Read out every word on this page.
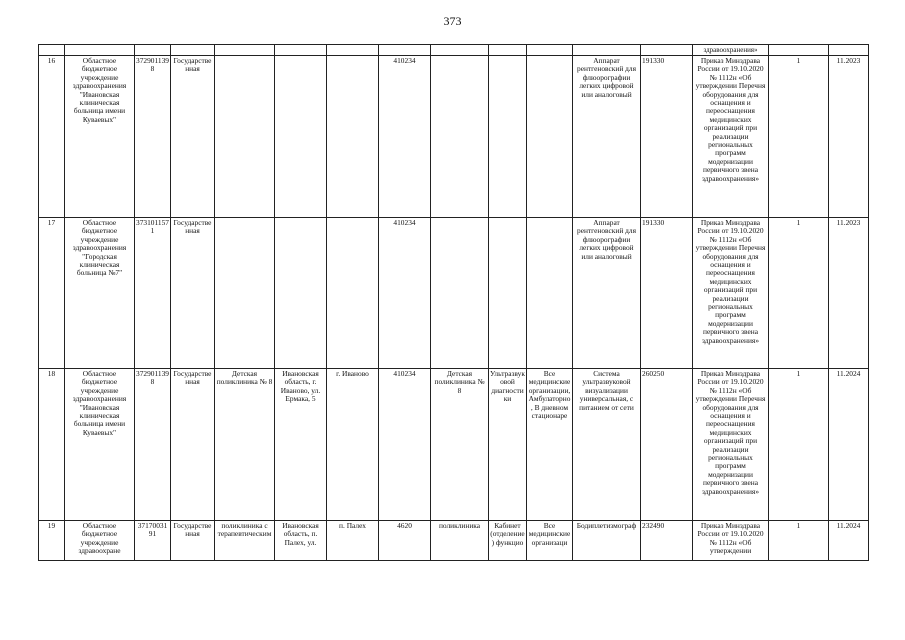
373
													здравоохранения»		
16	Областное бюджетное учреждение здравоохранения "Ивановская клиническая больница имени Куваевых"	3729011398	Государственная				410234				Аппарат рентгеновский для флюорографии легких цифровой или аналоговый	191330	Приказ Минздрава России от 19.10.2020 № 1112н «Об утверждении Перечня оборудования для оснащения и переоснащения медицинских организаций при реализации региональных программ модернизации первичного звена здравоохранения»	1	11.2023
17	Областное бюджетное учреждение здравоохранения "Городская клиническая больница №7"	3731011571	Государственная				410234				Аппарат рентгеновский для флюорографии легких цифровой или аналоговый	191330	Приказ Минздрава России от 19.10.2020 № 1112н «Об утверждении Перечня оборудования для оснащения и переоснащения медицинских организаций при реализации региональных программ модернизации первичного звена здравоохранения»	1	11.2023
18	Областное бюджетное учреждение здравоохранения "Ивановская клиническая больница имени Куваевых"	3729011398	Государственная	Детская поликлиника № 8	Ивановская область, г. Иваново, ул. Ермака, 5	г. Иваново	410234	Детская поликлиника № 8	Ультразвуковой диагностики	Все медицинские организации, Амбулаторно, В дневном стационаре	Система ультразвуковой визуализации универсальная, с питанием от сети	260250	Приказ Минздрава России от 19.10.2020 № 1112н «Об утверждении Перечня оборудования для оснащения и переоснащения медицинских организаций при реализации региональных программ модернизации первичного звена здравоохранения»	1	11.2024
19	Областное бюджетное учреждение здравоохране	3717003191	Государственная	поликлиника с терапевтическим	Ивановская область, п. Палех, ул.	п. Палех	4620	поликлиника	Кабинет (отделение) функцио	Все медицинские организаци	Бодиплетизмограф	232490	Приказ Минздрава России от 19.10.2020 № 1112н «Об утверждении	1	11.2024
